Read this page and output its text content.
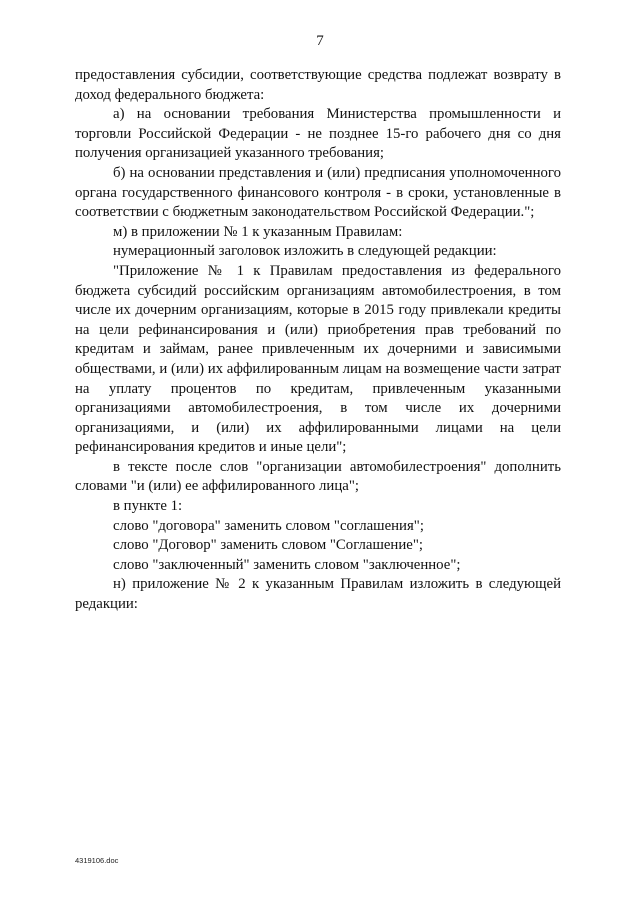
7

предоставления субсидии, соответствующие средства подлежат возврату в доход федерального бюджета:

а) на основании требования Министерства промышленности и торговли Российской Федерации - не позднее 15-го рабочего дня со дня получения организацией указанного требования;

б) на основании представления и (или) предписания уполномоченного органа государственного финансового контроля - в сроки, установленные в соответствии с бюджетным законодательством Российской Федерации.";

м) в приложении № 1 к указанным Правилам:

нумерационный заголовок изложить в следующей редакции:

"Приложение № 1 к Правилам предоставления из федерального бюджета субсидий российским организациям автомобилестроения, в том числе их дочерним организациям, которые в 2015 году привлекали кредиты на цели рефинансирования и (или) приобретения прав требований по кредитам и займам, ранее привлеченным их дочерними и зависимыми обществами, и (или) их аффилированным лицам на возмещение части затрат на уплату процентов по кредитам, привлеченным указанными организациями автомобилестроения, в том числе их дочерними организациями, и (или) их аффилированными лицами на цели рефинансирования кредитов и иные цели";

в тексте после слов "организации автомобилестроения" дополнить словами "и (или) ее аффилированного лица";

в пункте 1:

слово "договора" заменить словом "соглашения";

слово "Договор" заменить словом "Соглашение";

слово "заключенный" заменить словом "заключенное";

н) приложение № 2 к указанным Правилам изложить в следующей редакции:

4319106.doc
